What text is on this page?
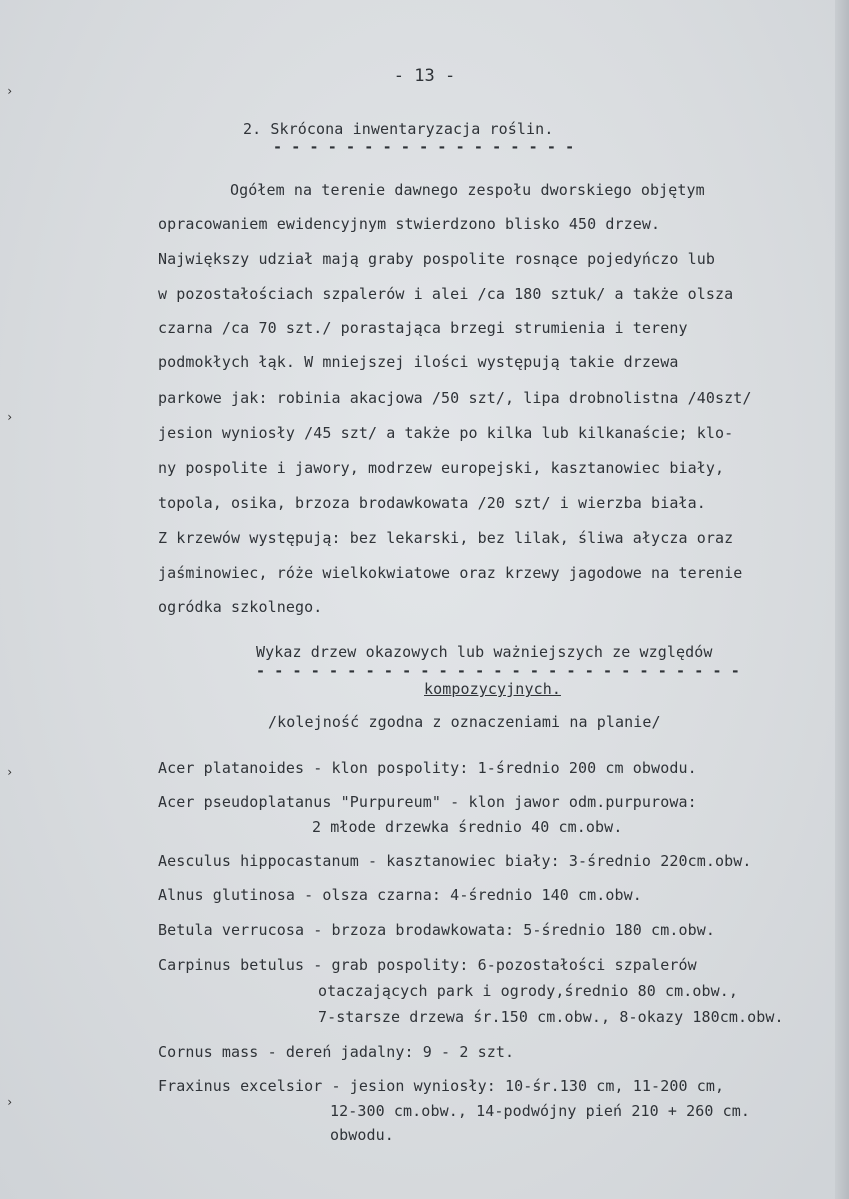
›
›
›
›
- 13 -
2. Skrócona inwentaryzacja roślin.
- - - - - - - - - - - - - - - - -
Ogółem na terenie dawnego zespołu dworskiego objętym
opracowaniem ewidencyjnym stwierdzono blisko 450 drzew.
Największy udział mają graby pospolite rosnące pojedyńczo lub
w pozostałościach szpalerów i alei /ca 180 sztuk/ a także olsza
czarna /ca 70 szt./ porastająca brzegi strumienia i tereny
podmokłych łąk. W mniejszej ilości występują takie drzewa
parkowe jak: robinia akacjowa /50 szt/, lipa drobnolistna /40szt/
jesion wyniosły /45 szt/ a także po kilka lub kilkanaście; klo-
ny pospolite i jawory, modrzew europejski, kasztanowiec biały,
topola, osika, brzoza brodawkowata /20 szt/ i wierzba biała.
Z krzewów występują: bez lekarski, bez lilak, śliwa ałycza oraz
jaśminowiec, róże wielkokwiatowe oraz krzewy jagodowe na terenie
ogródka szkolnego.
Wykaz drzew okazowych lub ważniejszych ze względów
- - - - - - - - - - - - - - - - - - - - - - - - - - -
kompozycyjnych.
/kolejność zgodna z oznaczeniami na planie/
Acer platanoides - klon pospolity: 1-średnio 200 cm obwodu.
Acer pseudoplatanus "Purpureum" - klon jawor odm.purpurowa:
2 młode drzewka średnio 40 cm.obw.
Aesculus hippocastanum - kasztanowiec biały: 3-średnio 220cm.obw.
Alnus glutinosa - olsza czarna: 4-średnio 140 cm.obw.
Betula verrucosa - brzoza brodawkowata: 5-średnio 180 cm.obw.
Carpinus betulus - grab pospolity: 6-pozostałości szpalerów
otaczających park i ogrody,średnio 80 cm.obw.,
7-starsze drzewa śr.150 cm.obw., 8-okazy 180cm.obw.
Cornus mass - dereń jadalny: 9 - 2 szt.
Fraxinus excelsior - jesion wyniosły: 10-śr.130 cm, 11-200 cm,
12-300 cm.obw., 14-podwójny pień 210 + 260 cm.
obwodu.
